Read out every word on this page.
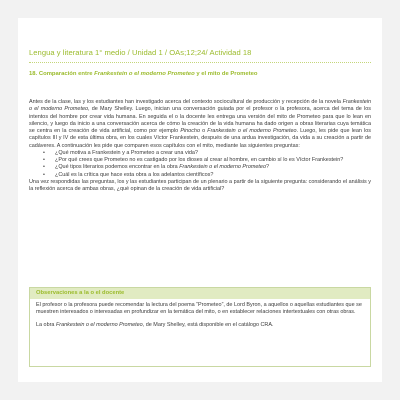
Lengua y literatura 1° medio / Unidad 1 / OAs;12;24/ Actividad 18
18. Comparación entre Frankestein o el moderno Prometeo y el mito de Prometeo

Antes de la clase, las y los estudiantes han investigado acerca del contexto sociocultural de producción y recepción de la novela Frankestein o el moderno Prometeo, de Mary Shelley. Luego, inician una conversación guiada por el profesor o la profesora, acerca del tema de los intentos del hombre por crear vida humana. En seguida el o la docente les entrega una versión del mito de Prometeo para que lo lean en silencio, y luego da inicio a una conversación acerca de cómo la creación de la vida humana ha dado origen a obras literarias cuya temática se centra en la creación de vida artificial, como por ejemplo Pinocho o Frankestein o el moderno Prometeo. Luego, les pide que lean los capítulos III y IV de esta última obra, en los cuales Víctor Frankestein, después de una ardua investigación, da vida a su creación a partir de cadáveres. A continuación les pide que comparen esos capítulos con el mito, mediante las siguientes preguntas:

• ¿Qué motiva a Frankestein y a Prometeo a crear una vida?
• ¿Por qué crees que Prometeo no es castigado por los dioses al crear al hombre, en cambio sí lo es Víctor Frankestein?
• ¿Qué tipos literarios podemos encontrar en la obra Frankestein o el moderno Prometeo?
• ¿Cuál es la crítica que hace esta obra a los adelantos científicos?

Una vez respondidas las preguntas, los y las estudiantes participan de un plenario a partir de la siguiente pregunta: considerando el análisis y la reflexión acerca de ambas obras, ¿qué opinan de la creación de vida artificial?

Observaciones a la o el docente

El profesor o la profesora puede recomendar la lectura del poema “Prometeo”, de Lord Byron, a aquellos o aquellas estudiantes que se muestren interesados o interesadas en profundizar en la temática del mito, o en establecer relaciones intertextuales con otras obras.

La obra Frankestein o el moderno Prometeo, de Mary Shelley, está disponible en el catálogo CRA.
